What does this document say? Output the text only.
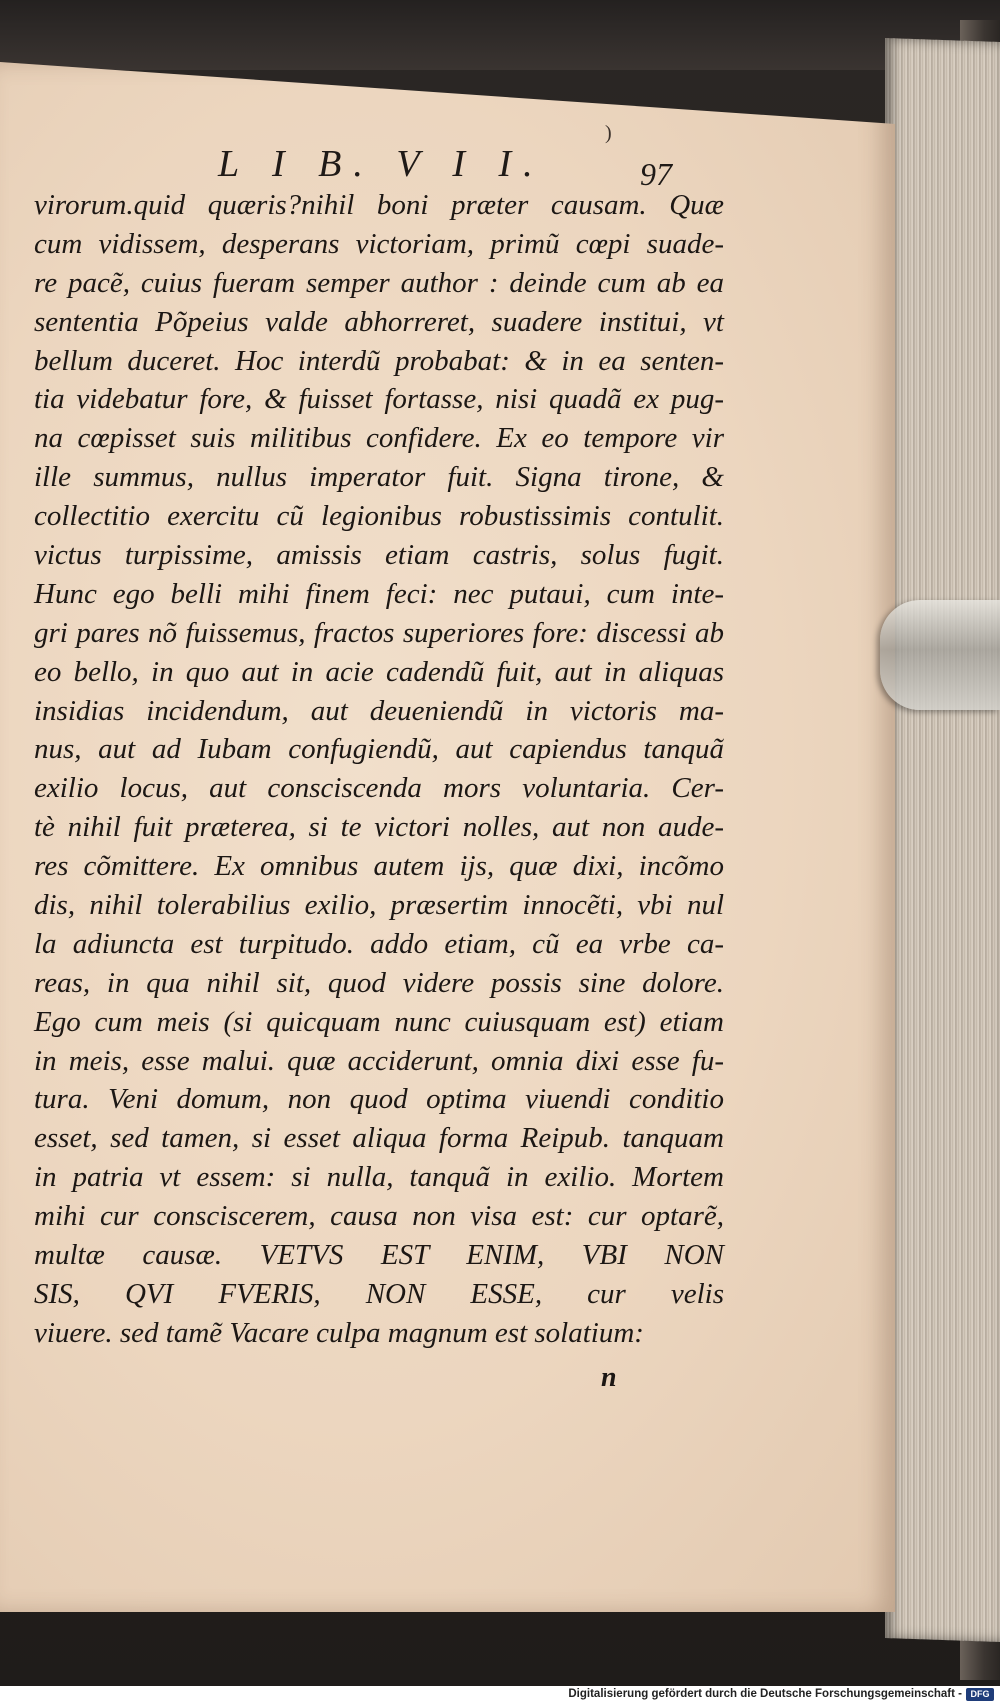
)
L I B. V I I.	97
virorum.quid quæris?nihil boni præter causam. Quæ
cum vidissem, desperans victoriam, primũ cœpi suade-
re pacẽ, cuius fueram semper author : deinde cum ab ea
sententia Põpeius valde abhorreret, suadere institui, vt
bellum duceret. Hoc interdũ probabat: & in ea senten-
tia videbatur fore, & fuisset fortasse, nisi quadã ex pug-
na cœpisset suis militibus confidere. Ex eo tempore vir
ille summus, nullus imperator fuit. Signa tirone, &
collectitio exercitu cũ legionibus robustissimis contulit.
victus turpissime, amissis etiam castris, solus fugit.
Hunc ego belli mihi finem feci: nec putaui, cum inte-
gri pares nõ fuissemus, fractos superiores fore: discessi ab
eo bello, in quo aut in acie cadendũ fuit, aut in aliquas
insidias incidendum, aut deueniendũ in victoris ma-
nus, aut ad Iubam confugiendũ, aut capiendus tanquã
exilio locus, aut consciscenda mors voluntaria. Cer-
tè nihil fuit præterea, si te victori nolles, aut non aude-
res cõmittere. Ex omnibus autem ijs, quæ dixi, incõmo
dis, nihil tolerabilius exilio, præsertim innocẽti, vbi nul
la adiuncta est turpitudo. addo etiam, cũ ea vrbe ca-
reas, in qua nihil sit, quod videre possis sine dolore.
Ego cum meis (si quicquam nunc cuiusquam est) etiam
in meis, esse malui. quæ acciderunt, omnia dixi esse fu-
tura. Veni domum, non quod optima viuendi conditio
esset, sed tamen, si esset aliqua forma Reipub. tanquam
in patria vt essem: si nulla, tanquã in exilio. Mortem
mihi cur consciscerem, causa non visa est: cur optarẽ,
multæ causæ. VETVS EST ENIM, VBI NON
SIS, QVI FVERIS, NON ESSE, cur velis
viuere. sed tamẽ Vacare culpa magnum est solatium:
n
Digitalisierung gefördert durch die Deutsche Forschungsgemeinschaft - DFG
